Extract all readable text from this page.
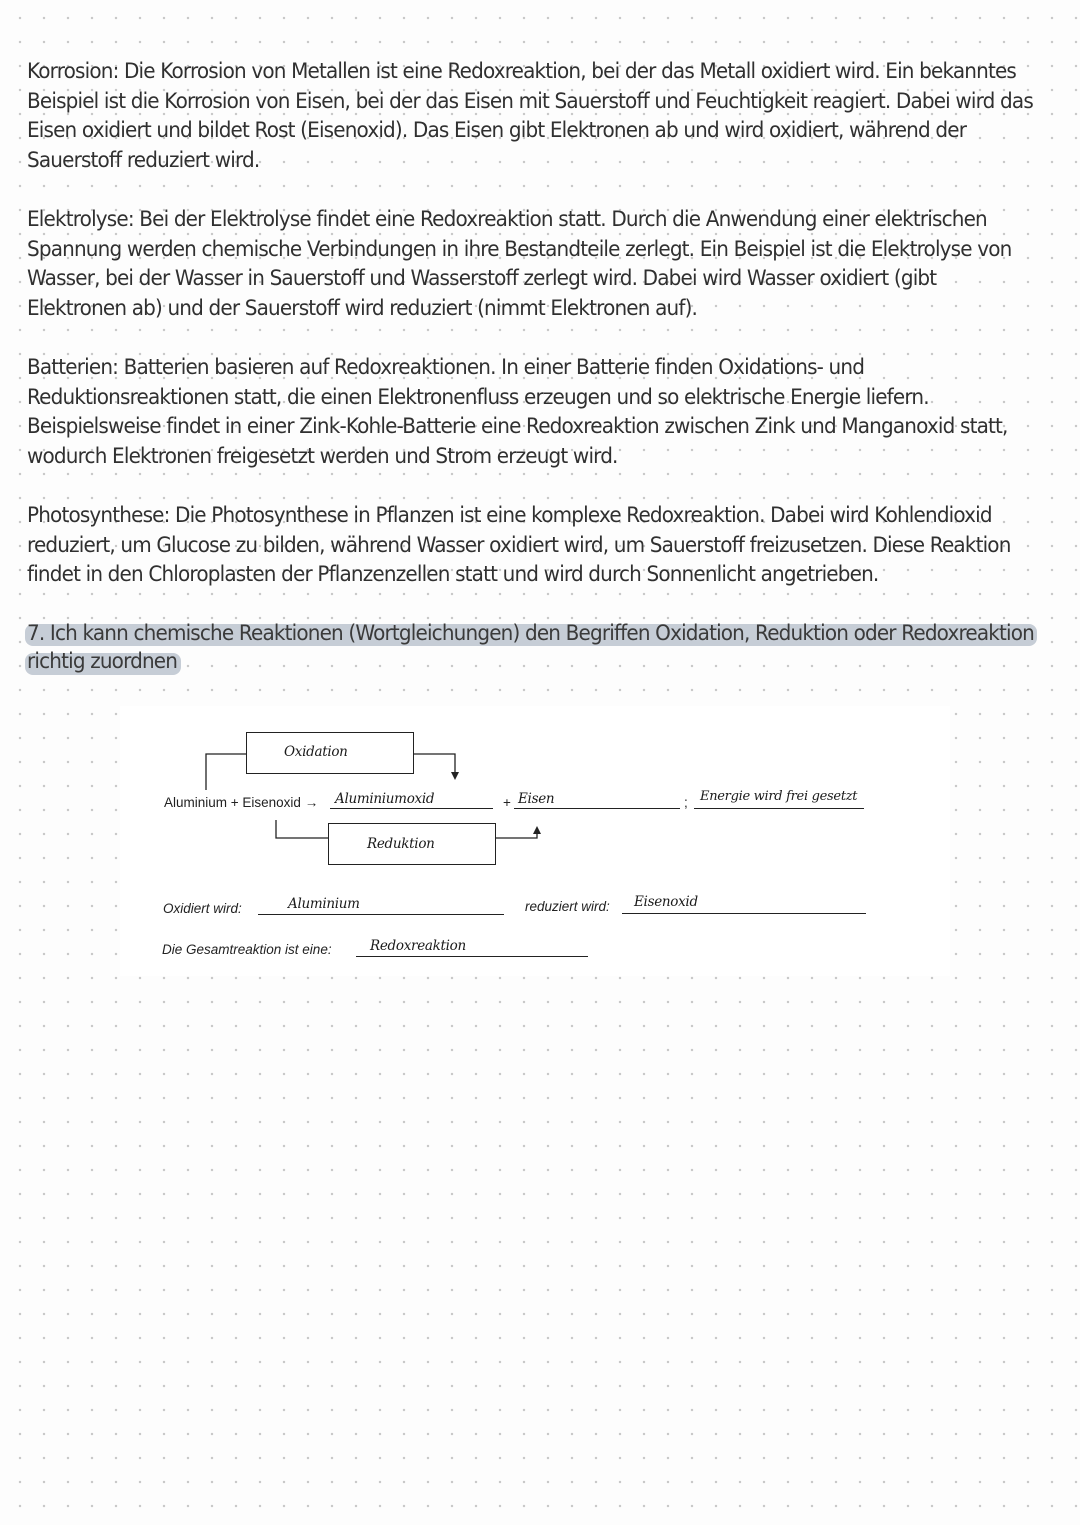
Korrosion: Die Korrosion von Metallen ist eine Redoxreaktion, bei der das Metall oxidiert wird. Ein bekanntes
Beispiel ist die Korrosion von Eisen, bei der das Eisen mit Sauerstoff und Feuchtigkeit reagiert. Dabei wird das
Eisen oxidiert und bildet Rost (Eisenoxid). Das Eisen gibt Elektronen ab und wird oxidiert, während der
Sauerstoff reduziert wird.
Elektrolyse: Bei der Elektrolyse findet eine Redoxreaktion statt. Durch die Anwendung einer elektrischen
Spannung werden chemische Verbindungen in ihre Bestandteile zerlegt. Ein Beispiel ist die Elektrolyse von
Wasser, bei der Wasser in Sauerstoff und Wasserstoff zerlegt wird. Dabei wird Wasser oxidiert (gibt
Elektronen ab) und der Sauerstoff wird reduziert (nimmt Elektronen auf).
Batterien: Batterien basieren auf Redoxreaktionen. In einer Batterie finden Oxidations- und
Reduktionsreaktionen statt, die einen Elektronenfluss erzeugen und so elektrische Energie liefern.
Beispielsweise findet in einer Zink-Kohle-Batterie eine Redoxreaktion zwischen Zink und Manganoxid statt,
wodurch Elektronen freigesetzt werden und Strom erzeugt wird.
Photosynthese: Die Photosynthese in Pflanzen ist eine komplexe Redoxreaktion. Dabei wird Kohlendioxid
reduziert, um Glucose zu bilden, während Wasser oxidiert wird, um Sauerstoff freizusetzen. Diese Reaktion
findet in den Chloroplasten der Pflanzenzellen statt und wird durch Sonnenlicht angetrieben.
7. Ich kann chemische Reaktionen (Wortgleichungen) den Begriffen Oxidation, Reduktion oder Redoxreaktion
richtig zuordnen
Oxidation
Aluminium + Eisenoxid → Aluminiumoxid	+ Eisen	; Energie wird frei gesetzt
Reduktion
Oxidiert wird:	Aluminium	reduziert wird: Eisenoxid
Die Gesamtreaktion ist eine:	Redoxreaktion
